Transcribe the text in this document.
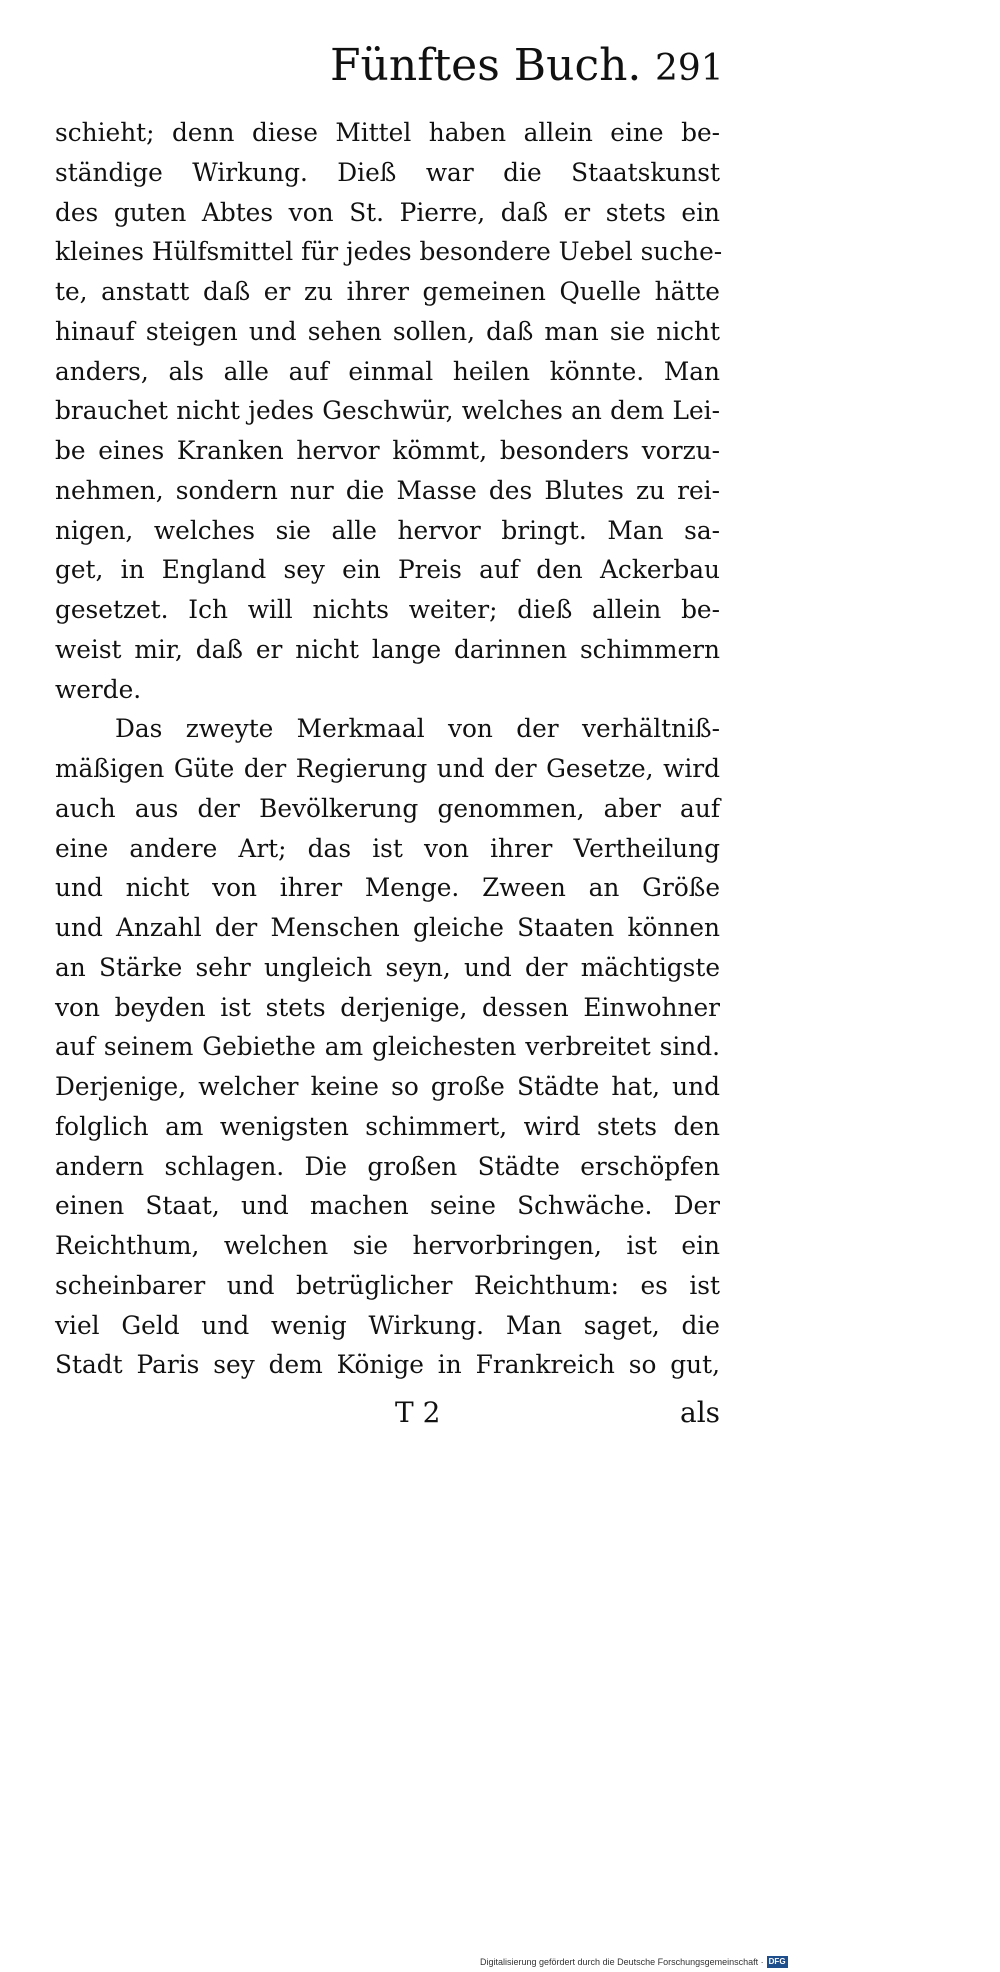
Fünftes Buch. 291
schieht; denn diese Mittel haben allein eine be-
ständige Wirkung. Dieß war die Staatskunst
des guten Abtes von St. Pierre, daß er stets ein
kleines Hülfsmittel für jedes besondere Uebel suche-
te, anstatt daß er zu ihrer gemeinen Quelle hätte
hinauf steigen und sehen sollen, daß man sie nicht
anders, als alle auf einmal heilen könnte. Man
brauchet nicht jedes Geschwür, welches an dem Lei-
be eines Kranken hervor kömmt, besonders vorzu-
nehmen, sondern nur die Masse des Blutes zu rei-
nigen, welches sie alle hervor bringt. Man sa-
get, in England sey ein Preis auf den Ackerbau
gesetzet. Ich will nichts weiter; dieß allein be-
weist mir, daß er nicht lange darinnen schimmern
werde.
Das zweyte Merkmaal von der verhältniß-
mäßigen Güte der Regierung und der Gesetze, wird
auch aus der Bevölkerung genommen, aber auf
eine andere Art; das ist von ihrer Vertheilung
und nicht von ihrer Menge. Zween an Größe
und Anzahl der Menschen gleiche Staaten können
an Stärke sehr ungleich seyn, und der mächtigste
von beyden ist stets derjenige, dessen Einwohner
auf seinem Gebiethe am gleichesten verbreitet sind.
Derjenige, welcher keine so große Städte hat, und
folglich am wenigsten schimmert, wird stets den
andern schlagen. Die großen Städte erschöpfen
einen Staat, und machen seine Schwäche. Der
Reichthum, welchen sie hervorbringen, ist ein
scheinbarer und betrüglicher Reichthum: es ist
viel Geld und wenig Wirkung. Man saget, die
Stadt Paris sey dem Könige in Frankreich so gut,
T 2	als
Digitalisierung gefördert durch die Deutsche Forschungsgemeinschaft · DFG
